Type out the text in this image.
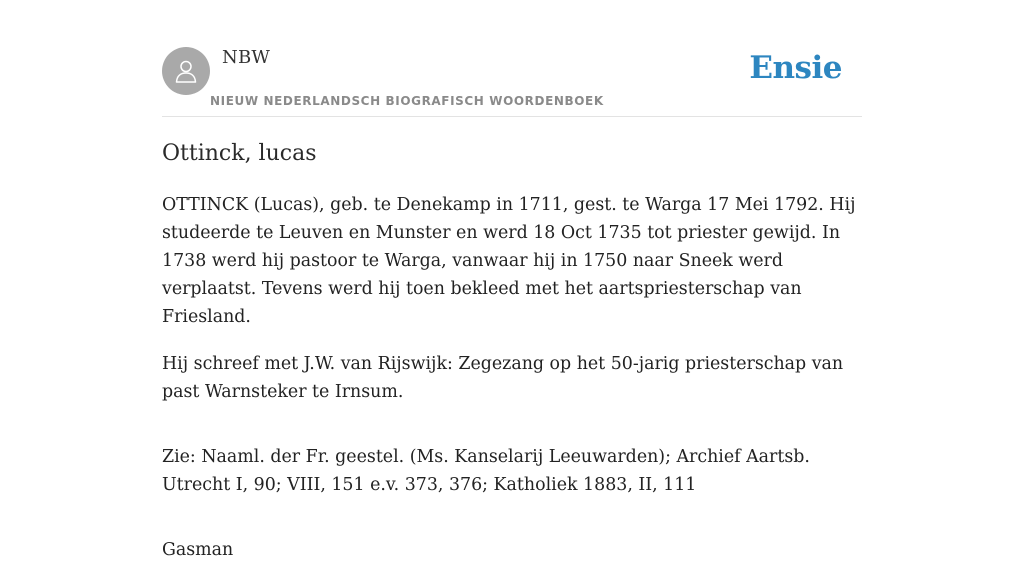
NBW
NIEUW NEDERLANDSCH BIOGRAFISCH WOORDENBOEK
Ensie
Ottinck, lucas

OTTINCK (Lucas), geb. te Denekamp in 1711, gest. te Warga 17 Mei 1792. Hij studeerde te Leuven en Munster en werd 18 Oct 1735 tot priester gewijd. In 1738 werd hij pastoor te Warga, vanwaar hij in 1750 naar Sneek werd verplaatst. Tevens werd hij toen bekleed met het aartspriesterschap van Friesland.

Hij schreef met J.W. van Rijswijk: Zegezang op het 50-jarig priesterschap van past Warnsteker te Irnsum.

Zie: Naaml. der Fr. geestel. (Ms. Kanselarij Leeuwarden); Archief Aartsb. Utrecht I, 90; VIII, 151 e.v. 373, 376; Katholiek 1883, II, 111

Gasman
